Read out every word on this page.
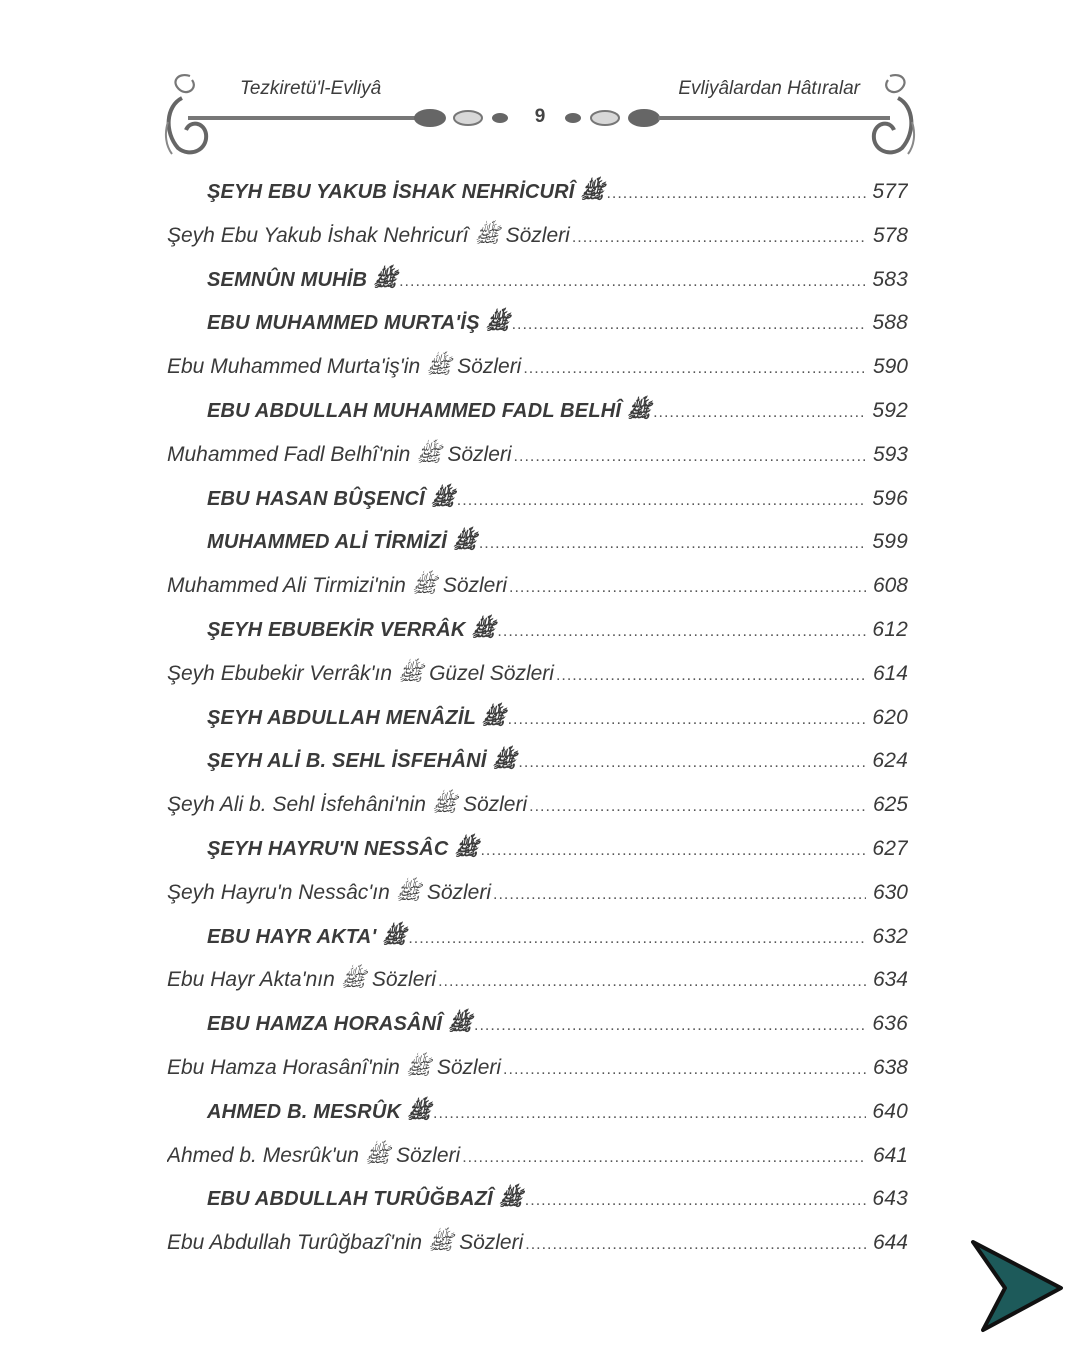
Tezkiretü'l-Evliyâ	Evliyâlardan Hâtıralar
9
ŞEYH EBU YAKUB İSHAK NEHRİCURÎ ﷺ .....	577
Şeyh Ebu Yakub İshak Nehricurî ﷺ Sözleri .....	578
SEMNÛN MUHİB ﷺ .....	583
EBU MUHAMMED MURTA'İŞ ﷺ .....	588
Ebu Muhammed Murta'iş'in ﷺ Sözleri .....	590
EBU ABDULLAH MUHAMMED FADL BELHÎ ﷺ .....	592
Muhammed Fadl Belhî'nin ﷺ Sözleri .....	593
EBU HASAN BÛŞENCÎ ﷺ .....	596
MUHAMMED ALİ TİRMİZİ ﷺ .....	599
Muhammed Ali Tirmizi'nin ﷺ Sözleri .....	608
ŞEYH EBUBEKİR VERRÂK ﷺ .....	612
Şeyh Ebubekir Verrâk'ın ﷺ Güzel Sözleri .....	614
ŞEYH ABDULLAH MENÂZİL ﷺ .....	620
ŞEYH ALİ B. SEHL İSFEHÂNİ ﷺ .....	624
Şeyh Ali b. Sehl İsfehâni'nin ﷺ Sözleri .....	625
ŞEYH HAYRU'N NESSÂC ﷺ .....	627
Şeyh Hayru'n Nessâc'ın ﷺ Sözleri .....	630
EBU HAYR AKTA' ﷺ .....	632
Ebu Hayr Akta'nın ﷺ Sözleri .....	634
EBU HAMZA HORASÂNÎ ﷺ .....	636
Ebu Hamza Horasânî'nin ﷺ Sözleri .....	638
AHMED B. MESRÛK ﷺ .....	640
Ahmed b. Mesrûk'un ﷺ Sözleri .....	641
EBU ABDULLAH TURÛĞBAZÎ ﷺ .....	643
Ebu Abdullah Turûğbazî'nin ﷺ Sözleri .....	644
